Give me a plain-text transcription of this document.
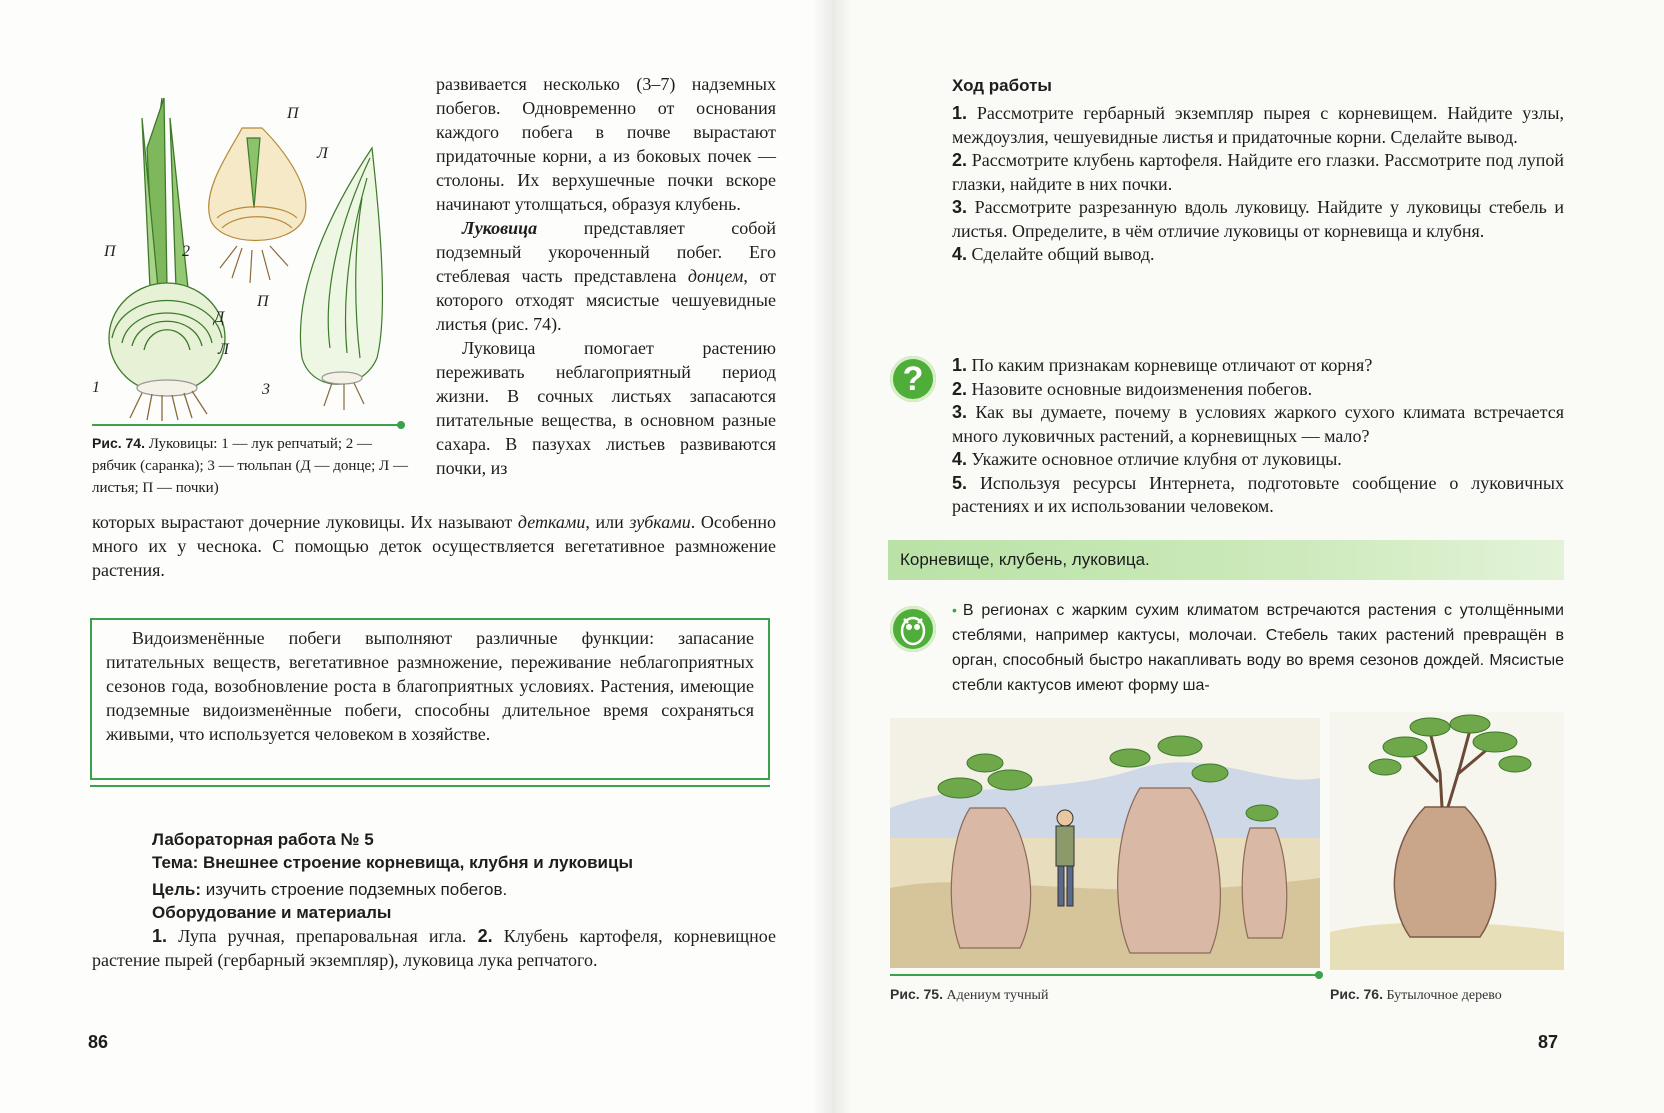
П
Л
П	2
П
Д
Л
1	3
Рис. 74. Луковицы: 1 — лук репчатый; 2 — рябчик (саранка); 3 — тюльпан (Д — донце; Л — листья; П — почки)

развивается несколько (3–7) надземных побегов. Одновременно от основания каждого побега в почве вырастают придаточные корни, а из боковых почек — столоны. Их верхушечные почки вскоре начинают утолщаться, образуя клубень.

Луковица представляет собой подземный укороченный побег. Его стеблевая часть представлена донцем, от которого отходят мясистые чешуевидные листья (рис. 74).

Луковица помогает растению переживать неблагоприятный период жизни. В сочных листьях запасаются питательные вещества, в основном разные сахара. В пазухах листьев развиваются почки, из

которых вырастают дочерние луковицы. Их называют детками, или зубками. Особенно много их у чеснока. С помощью деток осуществляется вегетативное размножение растения.

Видоизменённые побеги выполняют различные функции: запасание питательных веществ, вегетативное размножение, переживание неблагоприятных сезонов года, возобновление роста в благоприятных условиях. Растения, имеющие подземные видоизменённые побеги, способны длительное время сохраняться живыми, что используется человеком в хозяйстве.

Лабораторная работа № 5
Тема: Внешнее строение корневища, клубня и луковицы
Цель: изучить строение подземных побегов.
Оборудование и материалы
1. Лупа ручная, препаровальная игла. 2. Клубень картофеля, корневищное растение пырей (гербарный экземпляр), луковица лука репчатого.
86
Ход работы

1. Рассмотрите гербарный экземпляр пырея с корневищем. Найдите узлы, междоузлия, чешуевидные листья и придаточные корни. Сделайте вывод.

2. Рассмотрите клубень картофеля. Найдите его глазки. Рассмотрите под лупой глазки, найдите в них почки.

3. Рассмотрите разрезанную вдоль луковицу. Найдите у луковицы стебель и листья. Определите, в чём отличие луковицы от корневища и клубня.

4. Сделайте общий вывод.

?	1. По каким признакам корневище отличают от корня?

2. Назовите основные видоизменения побегов.

3. Как вы думаете, почему в условиях жаркого сухого климата встречается много луковичных растений, а корневищных — мало?

4. Укажите основное отличие клубня от луковицы.

5. Используя ресурсы Интернета, подготовьте сообщение о луковичных растениях и их использовании человеком.

Корневище, клубень, луковица.
• В регионах с жарким сухим климатом встречаются растения с утолщёнными стеблями, например кактусы, молочаи. Стебель таких растений превращён в орган, способный быстро накапливать воду во время сезонов дождей. Мясистые стебли кактусов имеют форму ша-
Рис. 75. Адениум тучный	Рис. 76. Бутылочное дерево
87
